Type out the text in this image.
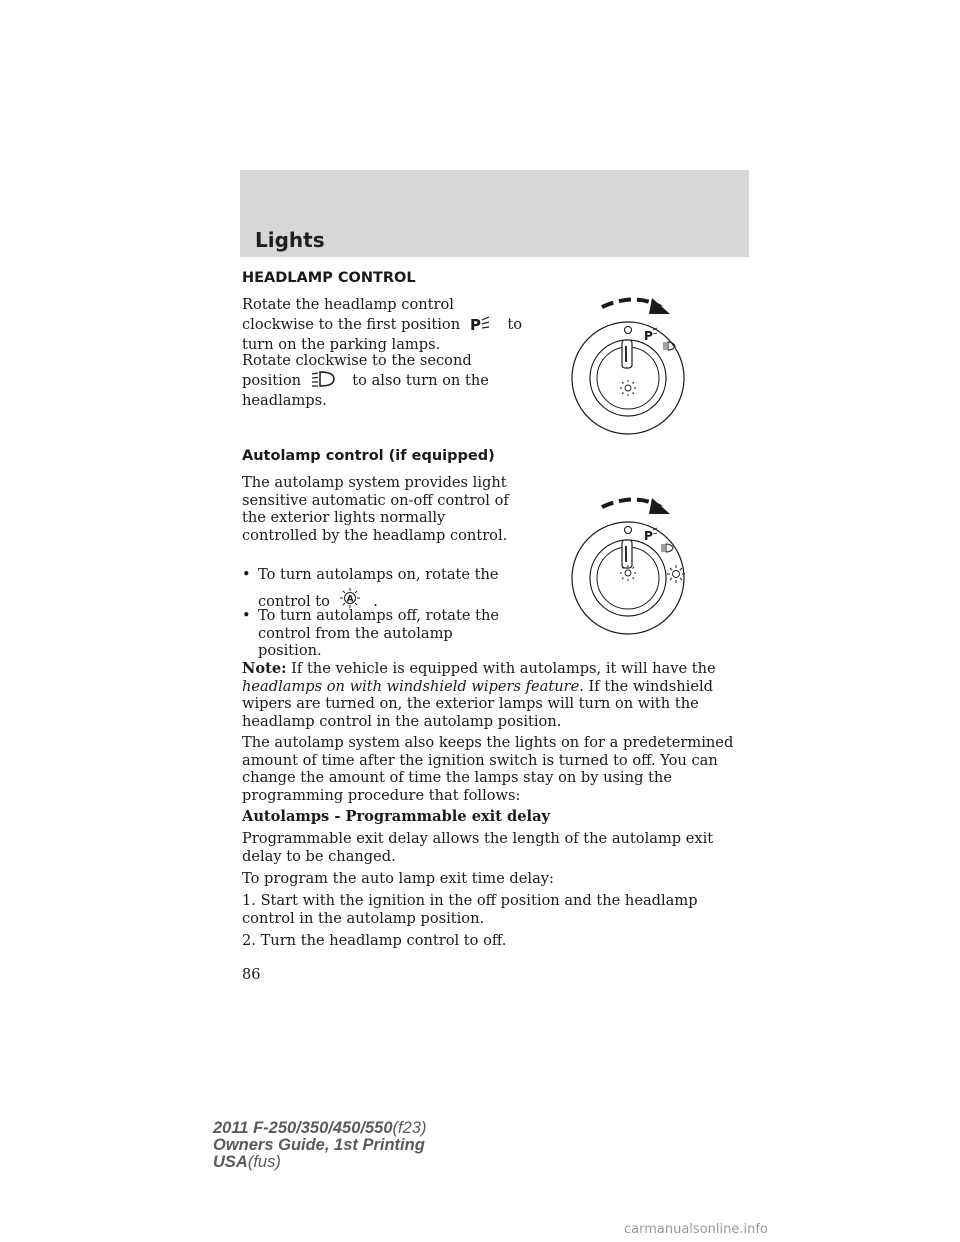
Lights
HEADLAMP CONTROL
Rotate the headlamp control
clockwise to the first position P to
turn on the parking lamps.
Rotate clockwise to the second
position	to also turn on the
headlamps.
P
Autolamp control (if equipped)

The autolamp system provides light sensitive automatic on-off control of the exterior lights normally controlled by the headlamp control.

• To turn autolamps on, rotate the
control to A .
• To turn autolamps off, rotate the control from the autolamp position.

P

Note: If the vehicle is equipped with autolamps, it will have the headlamps on with windshield wipers feature. If the windshield wipers are turned on, the exterior lamps will turn on with the headlamp control in the autolamp position.

The autolamp system also keeps the lights on for a predetermined amount of time after the ignition switch is turned to off. You can change the amount of time the lamps stay on by using the programming procedure that follows:

Autolamps - Programmable exit delay

Programmable exit delay allows the length of the autolamp exit delay to be changed.

To program the auto lamp exit time delay:

1. Start with the ignition in the off position and the headlamp control in the autolamp position.

2. Turn the headlamp control to off.

86
2011 F-250/350/450/550(f23)
Owners Guide, 1st Printing
USA(fus)
carmanualsonline.info
